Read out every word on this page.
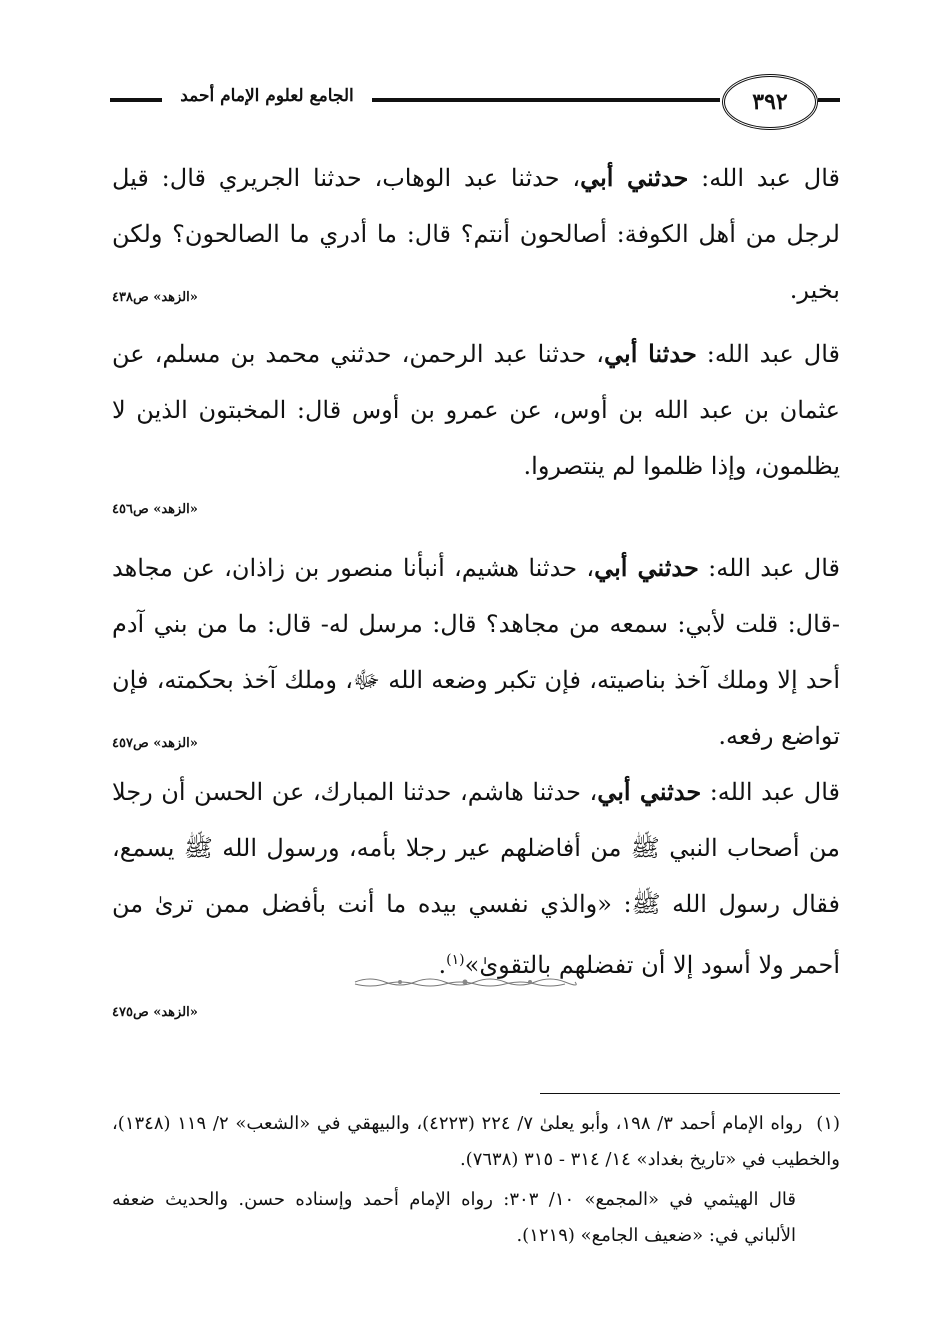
الجامع لعلوم الإمام أحمد	٣٩٢

قال عبد الله: حدثني أبي، حدثنا عبد الوهاب، حدثنا الجريري قال: قيل لرجل من أهل الكوفة: أصالحون أنتم؟ قال: ما أدري ما الصالحون؟ ولكن بخير.

«الزهد» ص٤٣٨

قال عبد الله: حدثنا أبي، حدثنا عبد الرحمن، حدثني محمد بن مسلم، عن عثمان بن عبد الله بن أوس، عن عمرو بن أوس قال: المخبتون الذين لا يظلمون، وإذا ظلموا لم ينتصروا.

«الزهد» ص٤٥٦

قال عبد الله: حدثني أبي، حدثنا هشيم، أنبأنا منصور بن زاذان، عن مجاهد -قال: قلت لأبي: سمعه من مجاهد؟ قال: مرسل له- قال: ما من بني آدم أحد إلا وملك آخذ بناصيته، فإن تكبر وضعه الله ﷻ، وملك آخذ بحكمته، فإن تواضع رفعه.

«الزهد» ص٤٥٧

قال عبد الله: حدثني أبي، حدثنا هاشم، حدثنا المبارك، عن الحسن أن رجلا من أصحاب النبي ﷺ من أفاضلهم عير رجلا بأمه، ورسول الله ﷺ يسمع، فقال رسول الله ﷺ: «والذي نفسي بيده ما أنت بأفضل ممن ترىٰ من أحمر ولا أسود إلا أن تفضلهم بالتقوىٰ»$^{(١)}$.

«الزهد» ص٤٧٥

(١)رواه الإمام أحمد ٣/ ١٩٨، وأبو يعلىٰ ٧/ ٢٢٤ (٤٢٢٣)، والبيهقي في «الشعب» ٢/ ١١٩ (١٣٤٨)، والخطيب في «تاريخ بغداد» ١٤/ ٣١٤ - ٣١٥ (٧٦٣٨).

قال الهيثمي في «المجمع» ١٠/ ٣٠٣: رواه الإمام أحمد وإسناده حسن. والحديث ضعفه الألباني في: «ضعيف الجامع» (١٢١٩).
